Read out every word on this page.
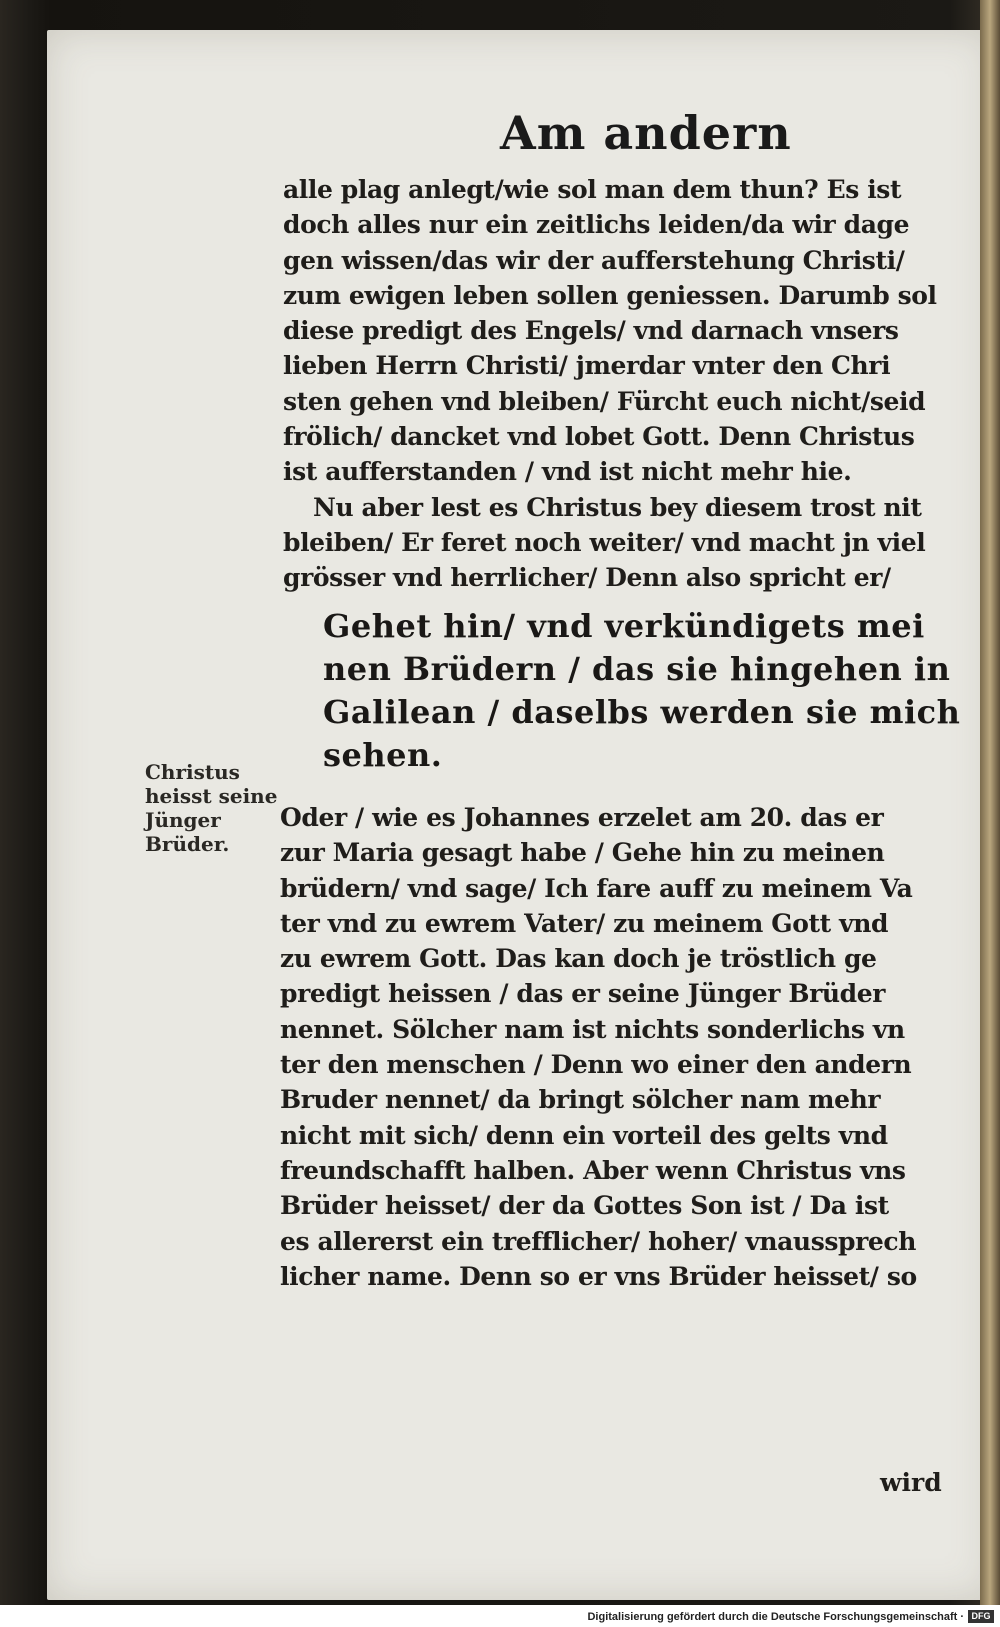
Am andern
alle plag anlegt/wie sol man dem thun? Es ist
doch alles nur ein zeitlichs leiden/da wir dage
gen wissen/das wir der aufferstehung Christi/
zum ewigen leben sollen geniessen. Darumb sol
diese predigt des Engels/ vnd darnach vnsers
lieben Herrn Christi/ jmerdar vnter den Chri
sten gehen vnd bleiben/ Fürcht euch nicht/seid
frölich/ dancket vnd lobet Gott. Denn Christus
ist aufferstanden / vnd ist nicht mehr hie.
Nu aber lest es Christus bey diesem trost nit
bleiben/ Er feret noch weiter/ vnd macht jn viel
grösser vnd herrlicher/ Denn also spricht er/
Gehet hin/ vnd verkündigets mei
nen Brüdern / das sie hingehen in
Galilean / daselbs werden sie mich
sehen.
Christus
heisst seine
Jünger
Brüder.
Oder / wie es Johannes erzelet am 20. das er
zur Maria gesagt habe / Gehe hin zu meinen
brüdern/ vnd sage/ Ich fare auff zu meinem Va
ter vnd zu ewrem Vater/ zu meinem Gott vnd
zu ewrem Gott. Das kan doch je tröstlich ge
predigt heissen / das er seine Jünger Brüder
nennet. Sölcher nam ist nichts sonderlichs vn
ter den menschen / Denn wo einer den andern
Bruder nennet/ da bringt sölcher nam mehr
nicht mit sich/ denn ein vorteil des gelts vnd
freundschafft halben. Aber wenn Christus vns
Brüder heisset/ der da Gottes Son ist / Da ist
es allererst ein trefflicher/ hoher/ vnaussprech
licher name. Denn so er vns Brüder heisset/ so
wird
Digitalisierung gefördert durch die Deutsche Forschungsgemeinschaft · DFG
